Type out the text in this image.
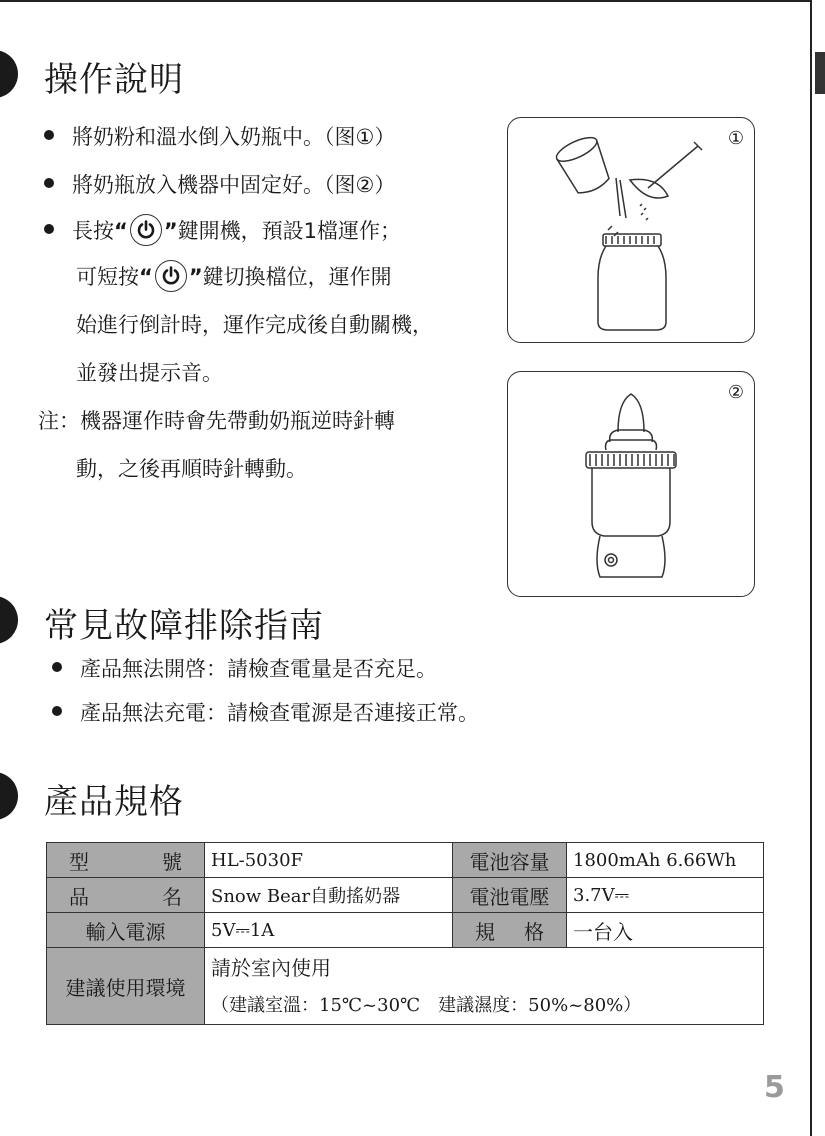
操作說明
將奶粉和溫水倒入奶瓶中。（图①）
將奶瓶放入機器中固定好。（图②）
長按“ ”鍵開機，預設1檔運作；
可短按“ ”鍵切換檔位，運作開
始進行倒計時，運作完成後自動關機，
並發出提示音。
注：機器運作時會先帶動奶瓶逆時針轉
動，之後再順時針轉動。
①
②
常見故障排除指南
產品無法開啓：請檢查電量是否充足。
產品無法充電：請檢查電源是否連接正常。
產品規格
型 號	HL-5030F	電池容量	1800mAh 6.66Wh

品 名	Snow Bear自動搖奶器	電池電壓	3.7V⎓
輸入電源	5V⎓1A	規 格	一台入
建議使用環境	請於室內使用		
	（建議室溫：15℃~30℃　建議濕度：50%~80%）		
5
